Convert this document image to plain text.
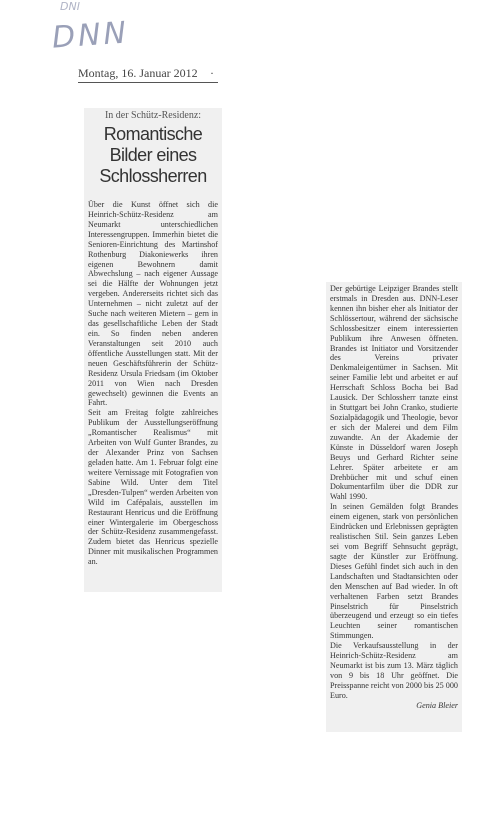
DNI
DNN
Montag, 16. Januar 2012 ·
In der Schütz-Residenz:
Romantische
Bilder eines
Schlossherren

Über die Kunst öffnet sich die Heinrich-Schütz-Residenz am Neumarkt unterschiedlichen Interessengruppen. Immerhin bietet die Senioren-Einrichtung des Martinshof Rothenburg Diakoniewerks ihren eigenen Bewohnern damit Abwechslung – nach eigener Aussage sei die Hälfte der Wohnungen jetzt vergeben. Andererseits richtet sich das Unternehmen – nicht zuletzt auf der Suche nach weiteren Mietern – gern in das gesellschaftliche Leben der Stadt ein. So finden neben anderen Veranstaltungen seit 2010 auch öffentliche Ausstellungen statt. Mit der neuen Geschäftsführerin der Schütz-Residenz Ursula Friedsam (im Oktober 2011 von Wien nach Dresden gewechselt) gewinnen die Events an Fahrt.

Seit am Freitag folgte zahlreiches Publikum der Ausstellungseröffnung „Romantischer Realismus“ mit Arbeiten von Wulf Gunter Brandes, zu der Alexander Prinz von Sachsen geladen hatte. Am 1. Februar folgt eine weitere Vernissage mit Fotografien von Sabine Wild. Unter dem Titel „Dresden-Tulpen“ werden Arbeiten von Wild im Cafépalais, ausstellen im Restaurant Henricus und die Eröffnung einer Wintergalerie im Obergeschoss der Schütz-Residenz zusammengefasst. Zudem bietet das Henricus spezielle Dinner mit musikalischen Programmen an.

Der gebürtige Leipziger Brandes stellt erstmals in Dresden aus. DNN-Leser kennen ihn bisher eher als Initiator der Schlössertour, während der sächsische Schlossbesitzer einem interessierten Publikum ihre Anwesen öffneten. Brandes ist Initiator und Vorsitzender des Vereins privater Denkmaleigentümer in Sachsen. Mit seiner Familie lebt und arbeitet er auf Herrschaft Schloss Bocha bei Bad Lausick. Der Schlossherr tanzte einst in Stuttgart bei John Cranko, studierte Sozialpädagogik und Theologie, bevor er sich der Malerei und dem Film zuwandte. An der Akademie der Künste in Düsseldorf waren Joseph Beuys und Gerhard Richter seine Lehrer. Später arbeitete er am Drehbücher mit und schuf einen Dokumentarfilm über die DDR zur Wahl 1990.

In seinen Gemälden folgt Brandes einem eigenen, stark von persönlichen Eindrücken und Erlebnissen geprägten realistischen Stil. Sein ganzes Leben sei vom Begriff Sehnsucht geprägt, sagte der Künstler zur Eröffnung. Dieses Gefühl findet sich auch in den Landschaften und Stadtansichten oder den Menschen auf Bad wieder. In oft verhaltenen Farben setzt Brandes Pinselstrich für Pinselstrich überzeugend und erzeugt so ein tiefes Leuchten seiner romantischen Stimmungen.

Die Verkaufsausstellung in der Heinrich-Schütz-Residenz am Neumarkt ist bis zum 13. März täglich von 9 bis 18 Uhr geöffnet. Die Preisspanne reicht von 2000 bis 25 000 Euro.

Genia Bleier
